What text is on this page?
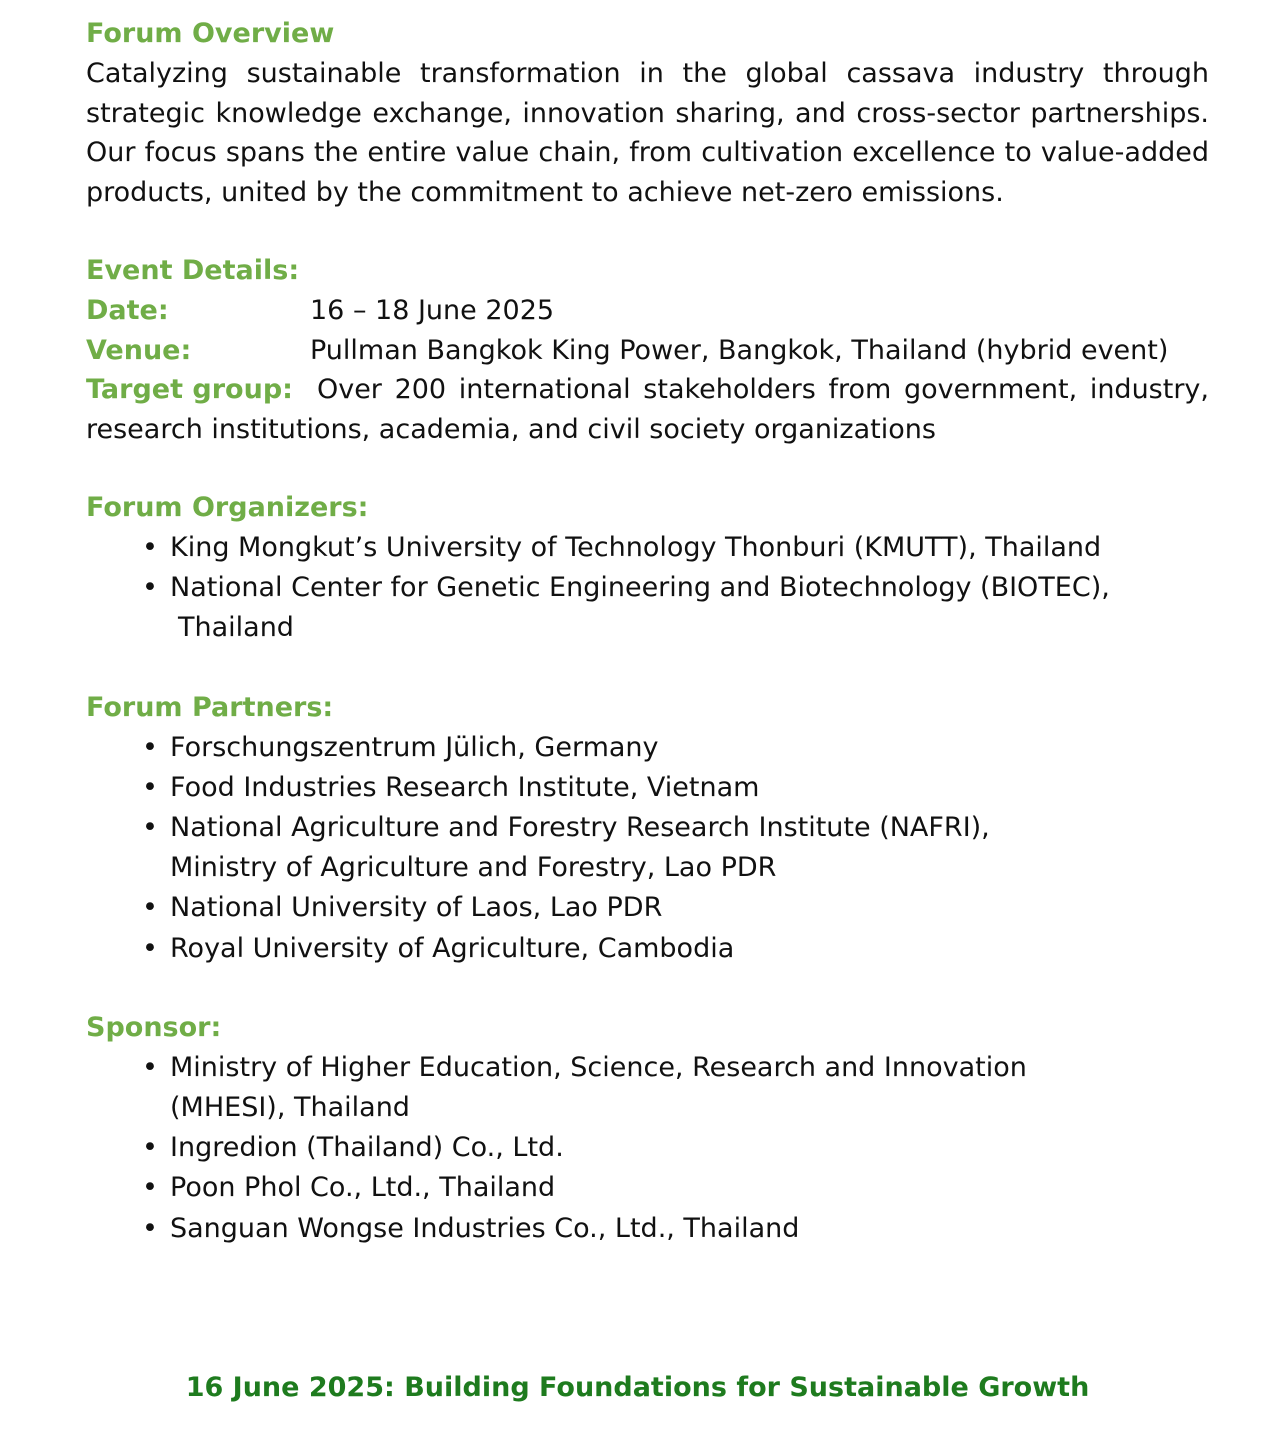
Forum Overview

Catalyzing sustainable transformation in the global cassava industry through strategic knowledge exchange, innovation sharing, and cross-sector partnerships. Our focus spans the entire value chain, from cultivation excellence to value-added products, united by the commitment to achieve net-zero emissions.

Event Details:

Date:	16 – 18 June 2025

Venue:	Pullman Bangkok King Power, Bangkok, Thailand (hybrid event)

Target group: Over 200 international stakeholders from government, industry, research institutions, academia, and civil society organizations

Forum Organizers:
• King Mongkut’s University of Technology Thonburi (KMUTT), Thailand
• National Center for Genetic Engineering and Biotechnology (BIOTEC),
Thailand
Forum Partners:
• Forschungszentrum Jülich, Germany
• Food Industries Research Institute, Vietnam
• National Agriculture and Forestry Research Institute (NAFRI), Ministry of Agriculture and Forestry, Lao PDR
• National University of Laos, Lao PDR
• Royal University of Agriculture, Cambodia
Sponsor:
• Ministry of Higher Education, Science, Research and Innovation (MHESI), Thailand
• Ingredion (Thailand) Co., Ltd.
• Poon Phol Co., Ltd., Thailand
• Sanguan Wongse Industries Co., Ltd., Thailand
16 June 2025: Building Foundations for Sustainable Growth
